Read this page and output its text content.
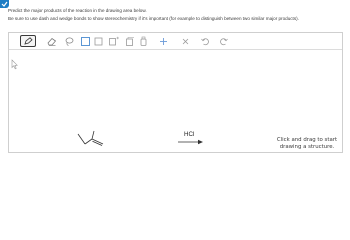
Predict the major products of the reaction in the drawing area below.
Be sure to use dash and wedge bonds to show stereochemistry if it's important (for example to distinguish between two similar major products).
HCl
Click and drag to start drawing a structure.
